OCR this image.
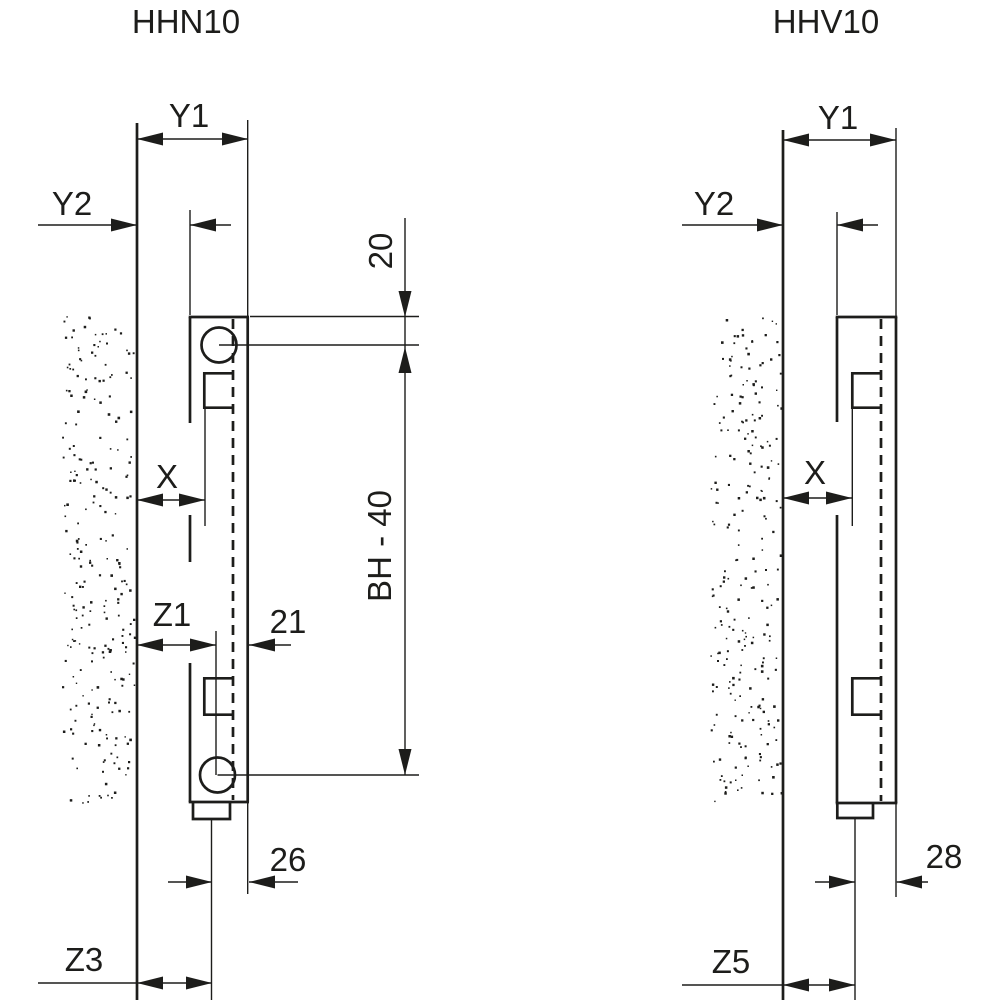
HHN10
Y1
Y2
X
Z1 21
20
BH - 40
26
Z3
HHV10
Y1
Y2
X
28
Z5
